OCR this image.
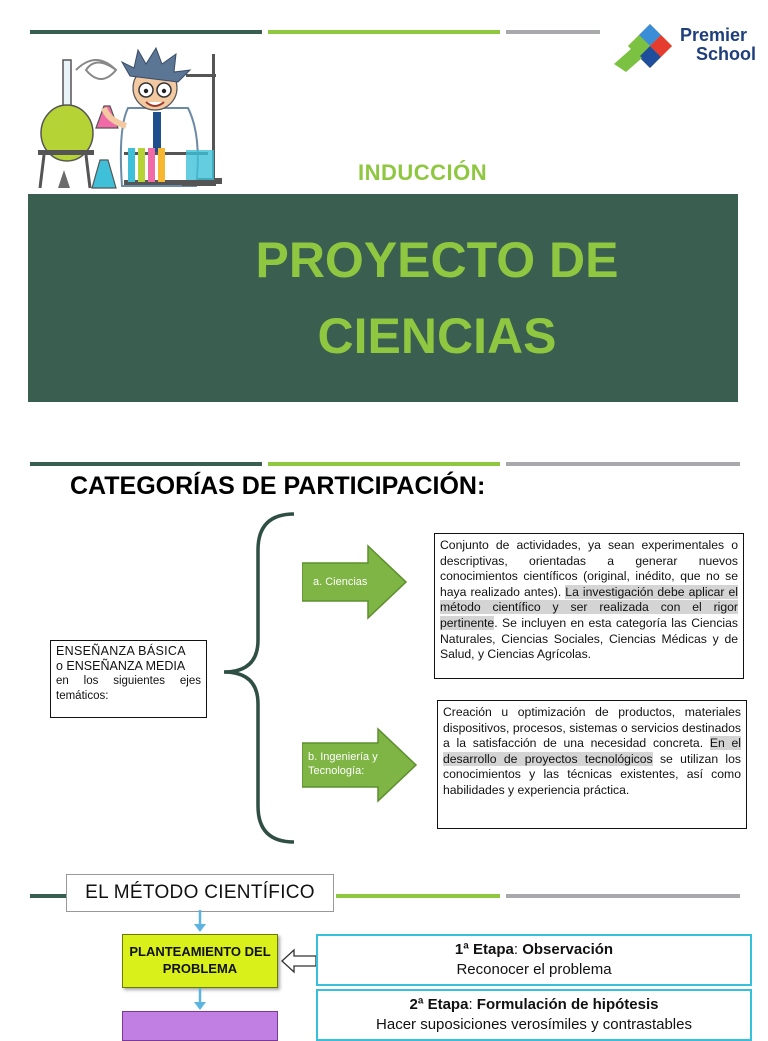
Premier
School
INDUCCIÓN
PROYECTO DE
CIENCIAS
CATEGORÍAS DE PARTICIPACIÓN:
ENSEÑANZA BÁSICA
o ENSEÑANZA MEDIA
en los siguientes ejes temáticos:
a. Ciencias
b. Ingeniería y Tecnología:
Conjunto de actividades, ya sean experimentales o descriptivas, orientadas a generar nuevos conocimientos científicos (original, inédito, que no se haya realizado antes). La investigación debe aplicar el método científico y ser realizada con el rigor pertinente. Se incluyen en esta categoría las Ciencias Naturales, Ciencias Sociales, Ciencias Médicas y de Salud, y Ciencias Agrícolas.
Creación u optimización de productos, materiales dispositivos, procesos, sistemas o servicios destinados a la satisfacción de una necesidad concreta. En el desarrollo de proyectos tecnológicos se utilizan los conocimientos y las técnicas existentes, así como habilidades y experiencia práctica.
EL MÉTODO CIENTÍFICO
PLANTEAMIENTO DEL PROBLEMA
1ª Etapa: Observación
Reconocer el problema
2ª Etapa: Formulación de hipótesis
Hacer suposiciones verosímiles y contrastables
